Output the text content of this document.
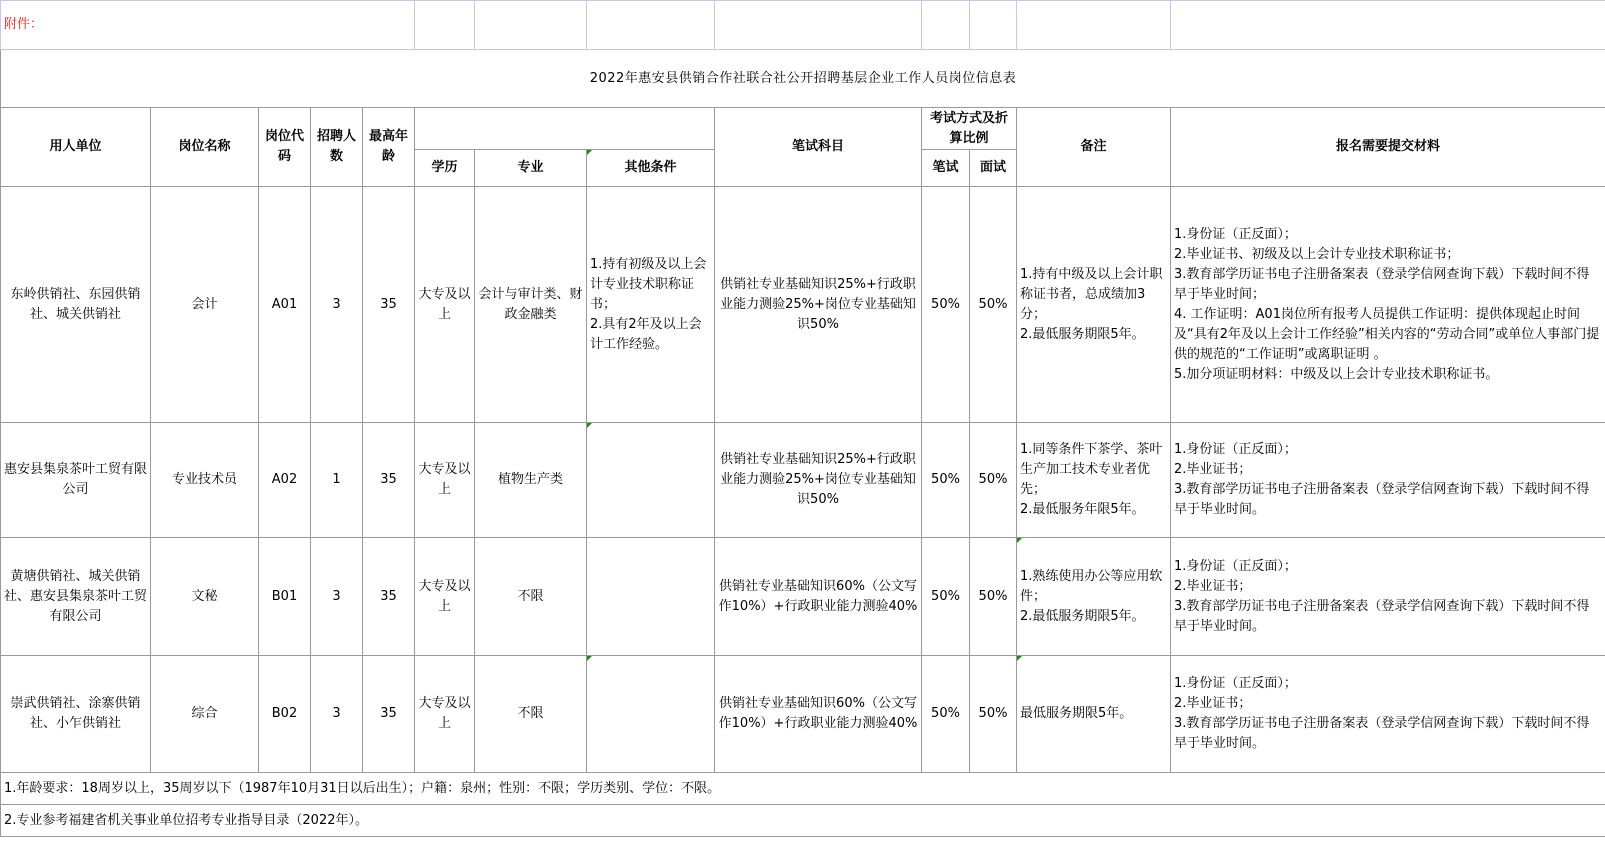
附件：												
2022年惠安县供销合作社联合社公开招聘基层企业工作人员岗位信息表												
用人单位	岗位名称	岗位代码	招聘人数	最高年龄				笔试科目	考试方式及折算比例		备注	报名需要提交材料
					学历	专业	其他条件		笔试	面试		
东岭供销社、东园供销社、城关供销社	会计	A01	3	35	大专及以上	会计与审计类、财政金融类	1.持有初级及以上会计专业技术职称证书；
2.具有2年及以上会计工作经验。	供销社专业基础知识25%+行政职业能力测验25%+岗位专业基础知识50%	50%	50%	1.持有中级及以上会计职称证书者，总成绩加3分；
2.最低服务期限5年。	1.身份证（正反面）；
2.毕业证书、初级及以上会计专业技术职称证书；
3.教育部学历证书电子注册备案表（登录学信网查询下载）下载时间不得早于毕业时间；
4. 工作证明：A01岗位所有报考人员提供工作证明：提供体现起止时间及“具有2年及以上会计工作经验”相关内容的“劳动合同”或单位人事部门提供的规范的“工作证明”或离职证明 。
5.加分项证明材料：中级及以上会计专业技术职称证书。
惠安县集泉茶叶工贸有限公司	专业技术员	A02	1	35	大专及以上	植物生产类		供销社专业基础知识25%+行政职业能力测验25%+岗位专业基础知识50%	50%	50%	1.同等条件下茶学、茶叶生产加工技术专业者优先；
2.最低服务年限5年。	1.身份证（正反面）；
2.毕业证书；
3.教育部学历证书电子注册备案表（登录学信网查询下载）下载时间不得早于毕业时间。
黄塘供销社、城关供销社、惠安县集泉茶叶工贸有限公司	文秘	B01	3	35	大专及以上	不限		供销社专业基础知识60%（公文写作10%）+行政职业能力测验40%	50%	50%	1.熟练使用办公等应用软件；
2.最低服务期限5年。	1.身份证（正反面）；
2.毕业证书；
3.教育部学历证书电子注册备案表（登录学信网查询下载）下载时间不得早于毕业时间。
崇武供销社、涂寨供销社、小乍供销社	综合	B02	3	35	大专及以上	不限		供销社专业基础知识60%（公文写作10%）+行政职业能力测验40%	50%	50%	最低服务期限5年。	1.身份证（正反面）；
2.毕业证书；
3.教育部学历证书电子注册备案表（登录学信网查询下载）下载时间不得早于毕业时间。
1.年龄要求：18周岁以上，35周岁以下（1987年10月31日以后出生）；户籍：泉州；性别：不限；学历类别、学位：不限。												
2.专业参考福建省机关事业单位招考专业指导目录（2022年）。												
